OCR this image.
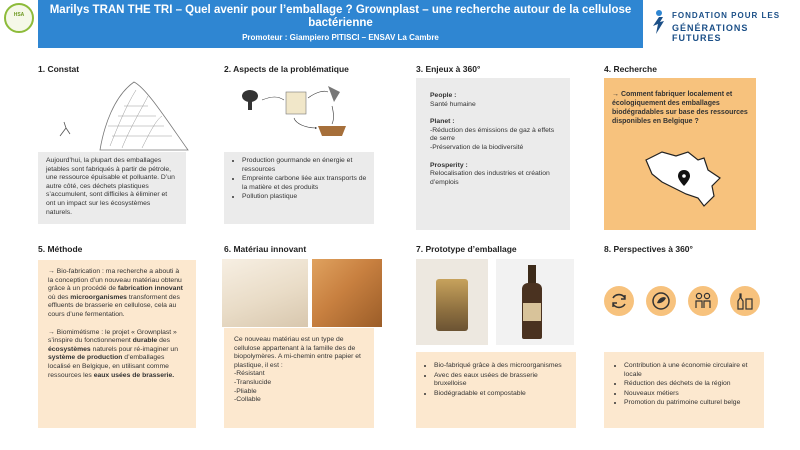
HSA	Marilys TRAN THE TRI – Quel avenir pour l’emballage ? Grownplast – une recherche autour de la cellulose bactérienne
Promoteur : Giampiero PITISCI – ENSAV La Cambre
FONDATION POUR LES
GÉNÉRATIONS FUTURES
1. Constat

Aujourd’hui, la plupart des emballages jetables sont fabriqués à partir de pétrole, une ressource épuisable et polluante. D’un autre côté, ces déchets plastiques s’accumulent, sont difficiles à éliminer et ont un impact sur les écosystèmes naturels.

2. Aspects de la problématique
• Production gourmande en énergie et ressources
• Empreinte carbone liée aux transports de la matière et des produits
• Pollution plastique
3. Enjeux à 360°

People :

Santé humaine

Planet :

-Réduction des émissions de gaz à effets de serre

-Préservation de la biodiversité

Prosperity :

Relocalisation des industries et création d’emplois

4. Recherche

→ Comment fabriquer localement et écologiquement des emballages biodégradables sur base des ressources disponibles en Belgique ?

5. Méthode

→ Bio-fabrication : ma recherche a abouti à la conception d’un nouveau matériau obtenu grâce à un procédé de fabrication innovant où des microorganismes transforment des effluents de brasserie en cellulose, cela au cours d’une fermentation.

→ Biomimétisme : le projet « Grownplast » s’inspire du fonctionnement durable des écosystèmes naturels pour ré-imaginer un système de production d’emballages localisé en Belgique, en utilisant comme ressources les eaux usées de brasserie.

6. Matériau innovant

Ce nouveau matériau est un type de cellulose appartenant à la famille des de biopolymères. A mi-chemin entre papier et plastique, il est :

-Résistant

-Translucide

-Pliable

-Collable

7. Prototype d’emballage
• Bio-fabriqué grâce à des microorganismes
• Avec des eaux usées de brasserie bruxelloise
• Biodégradable et compostable
8. Perspectives à 360°
• Contribution à une économie circulaire et locale
• Réduction des déchets de la région
• Nouveaux métiers
• Promotion du patrimoine culturel belge
